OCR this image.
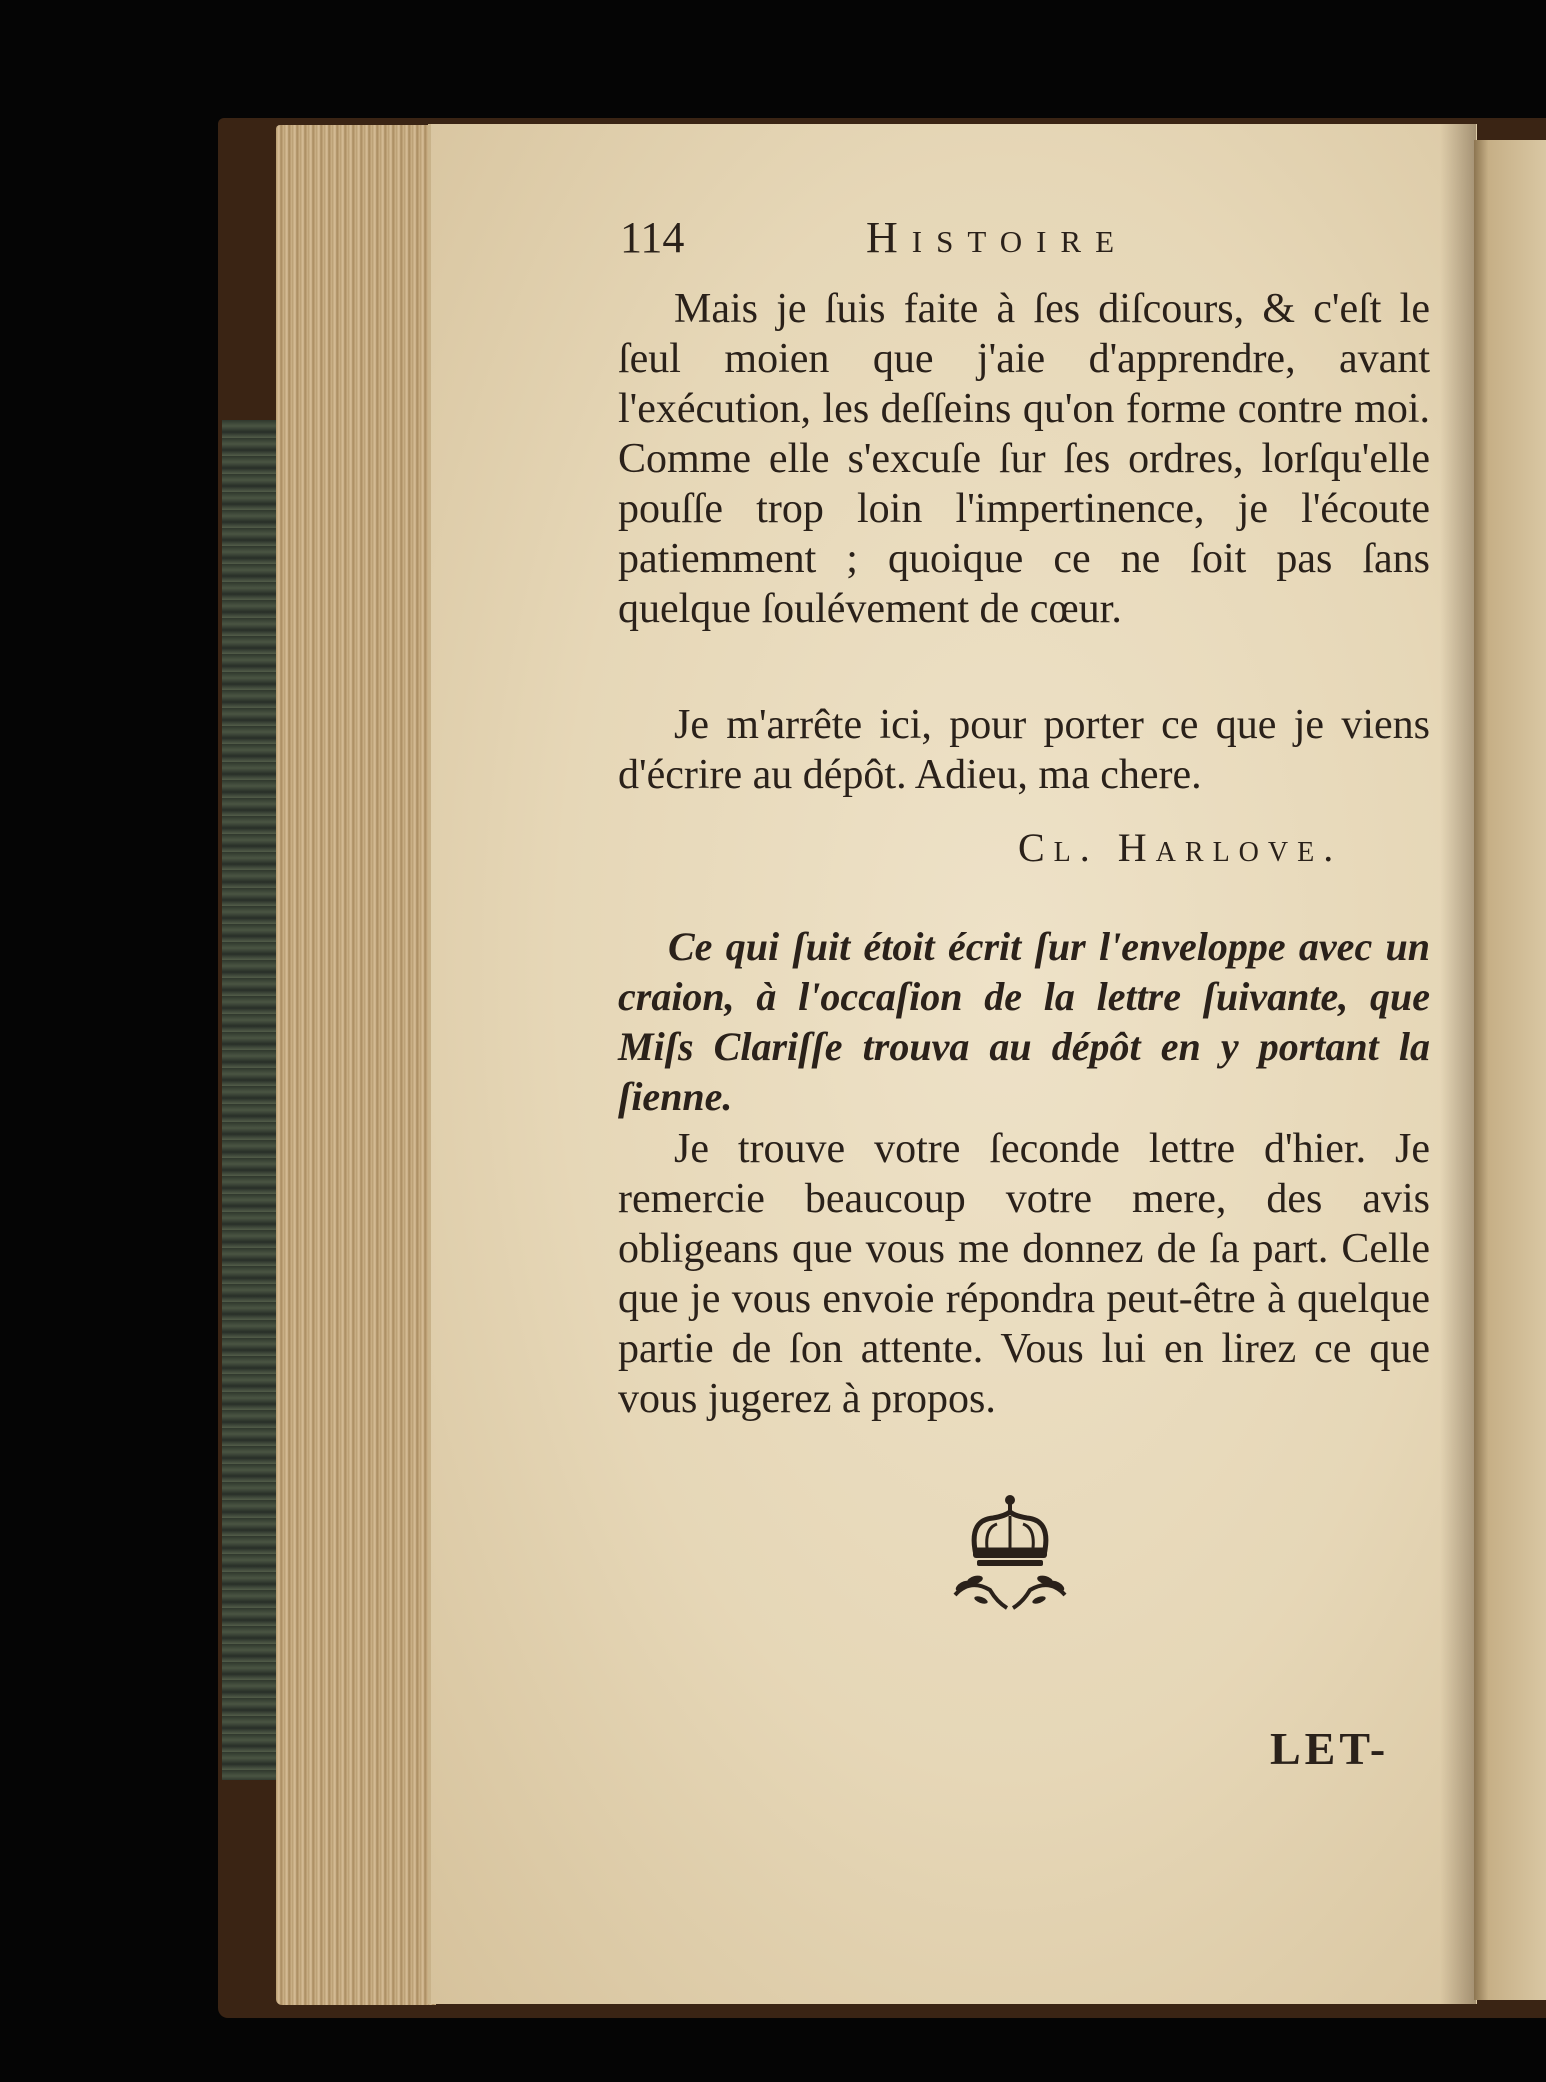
114	Histoire
Mais je ſuis faite à ſes diſcours, & c'eſt le ſeul moien que j'aie d'apprendre, avant l'exécution, les deſſeins qu'on forme contre moi. Comme elle s'excuſe ſur ſes ordres, lorſqu'elle pouſſe trop loin l'impertinence, je l'écoute patiemment ; quoique ce ne ſoit pas ſans quelque ſoulévement de cœur.
Je m'arrête ici, pour porter ce que je viens d'écrire au dépôt. Adieu, ma chere.
Cl. Harlove.
Ce qui ſuit étoit écrit ſur l'enveloppe avec un craion, à l'occaſion de la lettre ſuivante, que Miſs Clariſſe trouva au dépôt en y portant la ſienne.
Je trouve votre ſeconde lettre d'hier. Je remercie beaucoup votre mere, des avis obligeans que vous me donnez de ſa part. Celle que je vous envoie répondra peut-être à quelque partie de ſon attente. Vous lui en lirez ce que vous jugerez à propos.
LET-
